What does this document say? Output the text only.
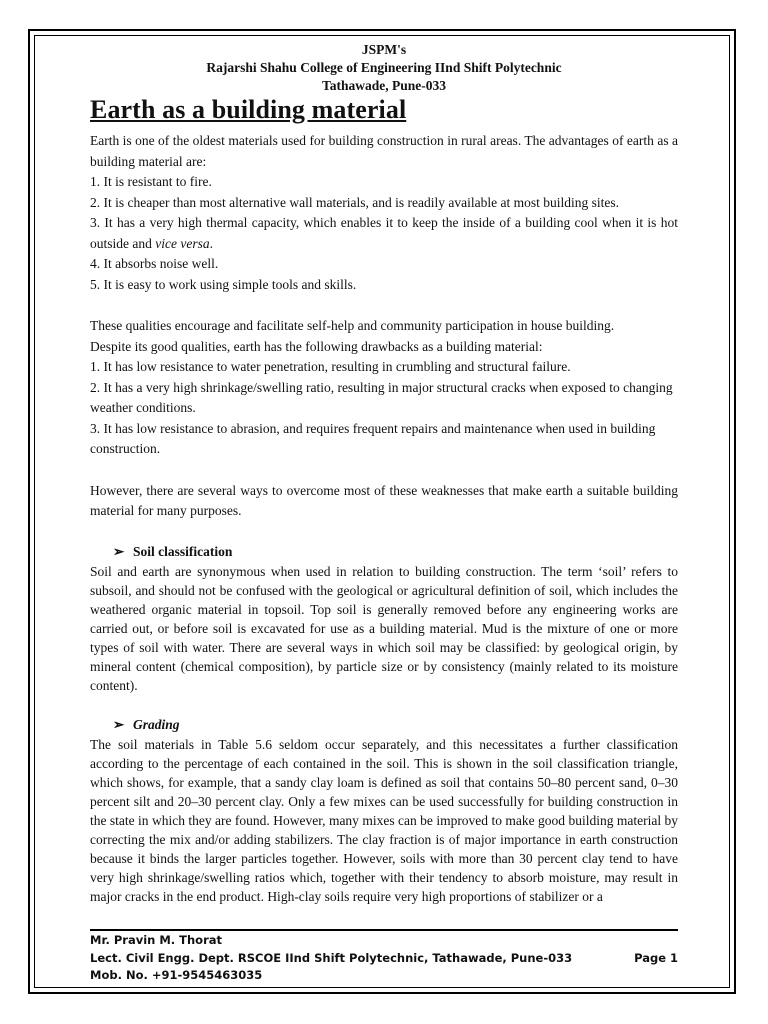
JSPM's
Rajarshi Shahu College of Engineering IInd Shift Polytechnic
Tathawade, Pune-033
Earth as a building material

Earth is one of the oldest materials used for building construction in rural areas. The advantages of earth as a building material are:

1. It is resistant to fire.

2. It is cheaper than most alternative wall materials, and is readily available at most building sites.

3. It has a very high thermal capacity, which enables it to keep the inside of a building cool when it is hot outside and vice versa.

4. It absorbs noise well.

5. It is easy to work using simple tools and skills.

These qualities encourage and facilitate self-help and community participation in house building.

Despite its good qualities, earth has the following drawbacks as a building material:

1. It has low resistance to water penetration, resulting in crumbling and structural failure.

2. It has a very high shrinkage/swelling ratio, resulting in major structural cracks when exposed to changing weather conditions.

3. It has low resistance to abrasion, and requires frequent repairs and maintenance when used in building construction.

However, there are several ways to overcome most of these weaknesses that make earth a suitable building material for many purposes.

➢ Soil classification

Soil and earth are synonymous when used in relation to building construction. The term ‘soil’ refers to subsoil, and should not be confused with the geological or agricultural definition of soil, which includes the weathered organic material in topsoil. Top soil is generally removed before any engineering works are carried out, or before soil is excavated for use as a building material. Mud is the mixture of one or more types of soil with water. There are several ways in which soil may be classified: by geological origin, by mineral content (chemical composition), by particle size or by consistency (mainly related to its moisture content).

➢ Grading

The soil materials in Table 5.6 seldom occur separately, and this necessitates a further classification according to the percentage of each contained in the soil. This is shown in the soil classification triangle, which shows, for example, that a sandy clay loam is defined as soil that contains 50–80 percent sand, 0–30 percent silt and 20–30 percent clay. Only a few mixes can be used successfully for building construction in the state in which they are found. However, many mixes can be improved to make good building material by correcting the mix and/or adding stabilizers. The clay fraction is of major importance in earth construction because it binds the larger particles together. However, soils with more than 30 percent clay tend to have very high shrinkage/swelling ratios which, together with their tendency to absorb moisture, may result in major cracks in the end product. High-clay soils require very high proportions of stabilizer or a

Mr. Pravin M. Thorat
Lect. Civil Engg. Dept. RSCOE IInd Shift Polytechnic, Tathawade, Pune-033	Page 1
Mob. No. +91-9545463035
